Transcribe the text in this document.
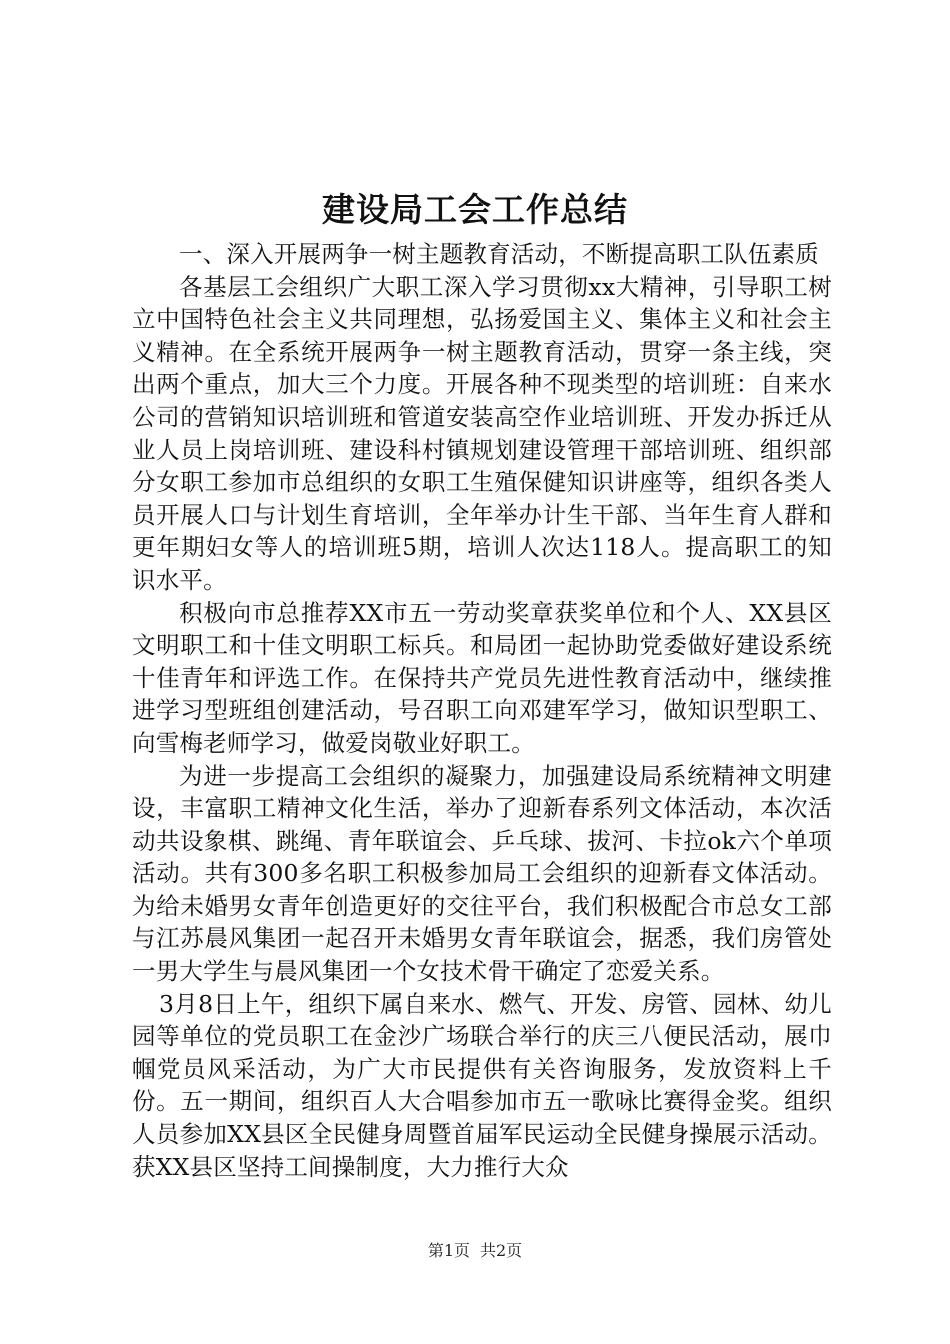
建设局工会工作总结

一、深入开展两争一树主题教育活动，不断提高职工队伍素质

各基层工会组织广大职工深入学习贯彻xx大精神，引导职工树立中国特色社会主义共同理想，弘扬爱国主义、集体主义和社会主义精神。在全系统开展两争一树主题教育活动，贯穿一条主线，突出两个重点，加大三个力度。开展各种不现类型的培训班：自来水公司的营销知识培训班和管道安装高空作业培训班、开发办拆迁从业人员上岗培训班、建设科村镇规划建设管理干部培训班、组织部分女职工参加市总组织的女职工生殖保健知识讲座等，组织各类人员开展人口与计划生育培训，全年举办计生干部、当年生育人群和更年期妇女等人的培训班5期，培训人次达118人。提高职工的知识水平。

积极向市总推荐XX市五一劳动奖章获奖单位和个人、XX县区文明职工和十佳文明职工标兵。和局团一起协助党委做好建设系统十佳青年和评选工作。在保持共产党员先进性教育活动中，继续推进学习型班组创建活动，号召职工向邓建军学习，做知识型职工、向雪梅老师学习，做爱岗敬业好职工。

为进一步提高工会组织的凝聚力，加强建设局系统精神文明建设，丰富职工精神文化生活，举办了迎新春系列文体活动，本次活动共设象棋、跳绳、青年联谊会、乒乓球、拔河、卡拉ok六个单项活动。共有300多名职工积极参加局工会组织的迎新春文体活动。为给未婚男女青年创造更好的交往平台，我们积极配合市总女工部与江苏晨风集团一起召开未婚男女青年联谊会，据悉，我们房管处一男大学生与晨风集团一个女技术骨干确定了恋爱关系。

3月8日上午，组织下属自来水、燃气、开发、房管、园林、幼儿园等单位的党员职工在金沙广场联合举行的庆三八便民活动，展巾帼党员风采活动，为广大市民提供有关咨询服务，发放资料上千份。五一期间，组织百人大合唱参加市五一歌咏比赛得金奖。组织人员参加XX县区全民健身周暨首届军民运动全民健身操展示活动。获XX县区坚持工间操制度，大力推行大众

第1页 共2页
